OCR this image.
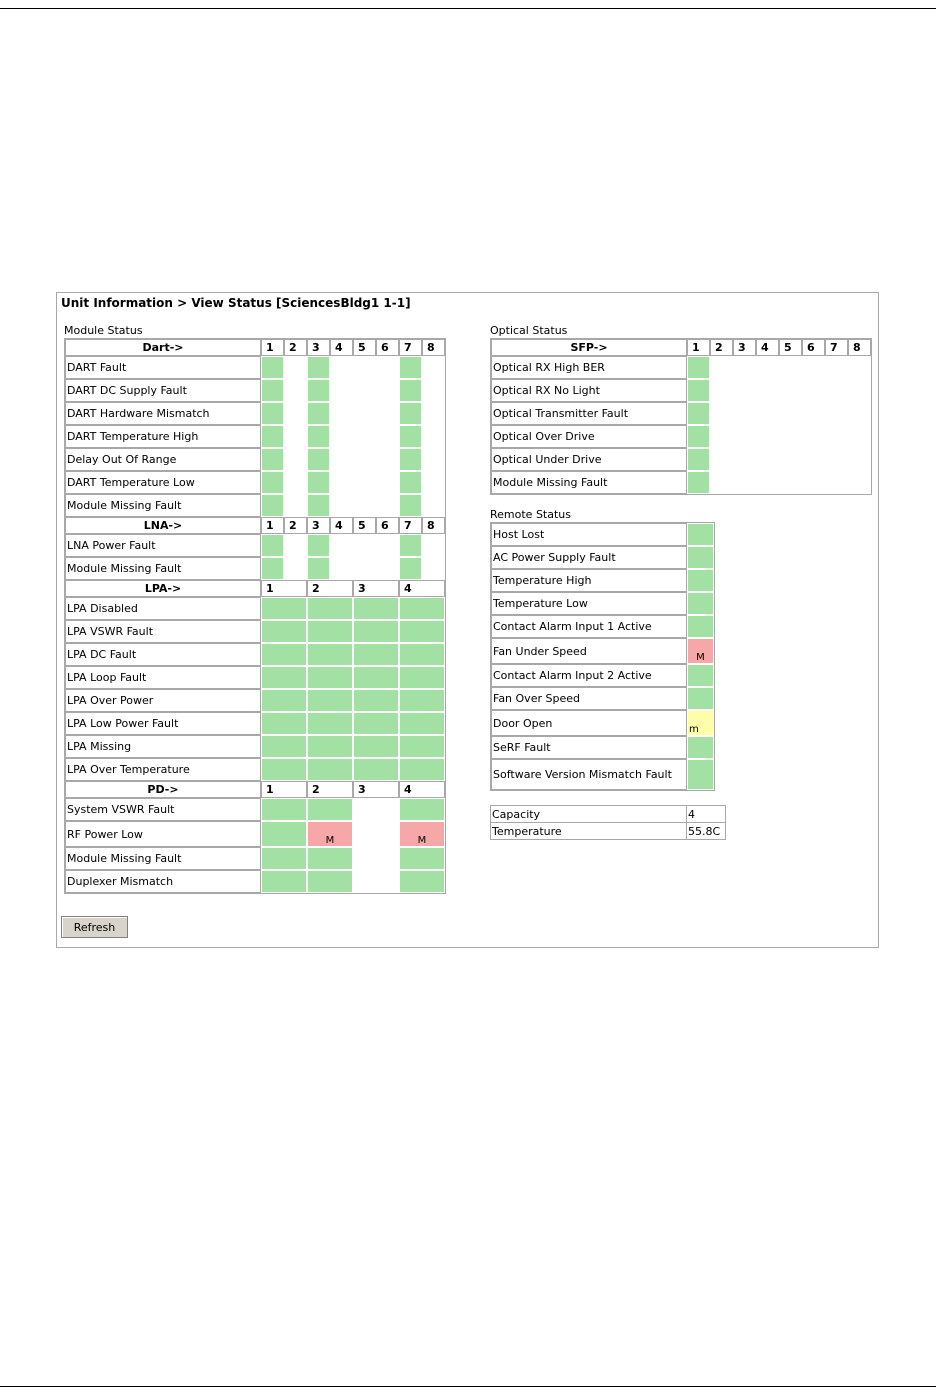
Unit Information > View Status [SciencesBldg1 1-1]
Module Status
Dart->	1	2	3	4	5	6	7	8
DART Fault								
DART DC Supply Fault								
DART Hardware Mismatch								
DART Temperature High								
Delay Out Of Range								
DART Temperature Low								
Module Missing Fault								
LNA->	1	2	3	4	5	6	7	8
LNA Power Fault								
Module Missing Fault								
LPA->	1		2		3		4	
LPA Disabled								
LPA VSWR Fault								
LPA DC Fault								
LPA Loop Fault								
LPA Over Power								
LPA Low Power Fault								
LPA Missing								
LPA Over Temperature								
PD->	1		2		3		4	
System VSWR Fault								
RF Power Low			M				M	
Module Missing Fault								
Duplexer Mismatch								
Optical Status
SFP->	1	2	3	4	5	6	7	8
Optical RX High BER								
Optical RX No Light								
Optical Transmitter Fault								
Optical Over Drive								
Optical Under Drive								
Module Missing Fault								
Remote Status
Host Lost	
AC Power Supply Fault	
Temperature High	
Temperature Low	
Contact Alarm Input 1 Active	
Fan Under Speed	M
Contact Alarm Input 2 Active	
Fan Over Speed	
Door Open	m
SeRF Fault	
Software Version Mismatch Fault	
Capacity	4
Temperature	55.8C
Refresh
